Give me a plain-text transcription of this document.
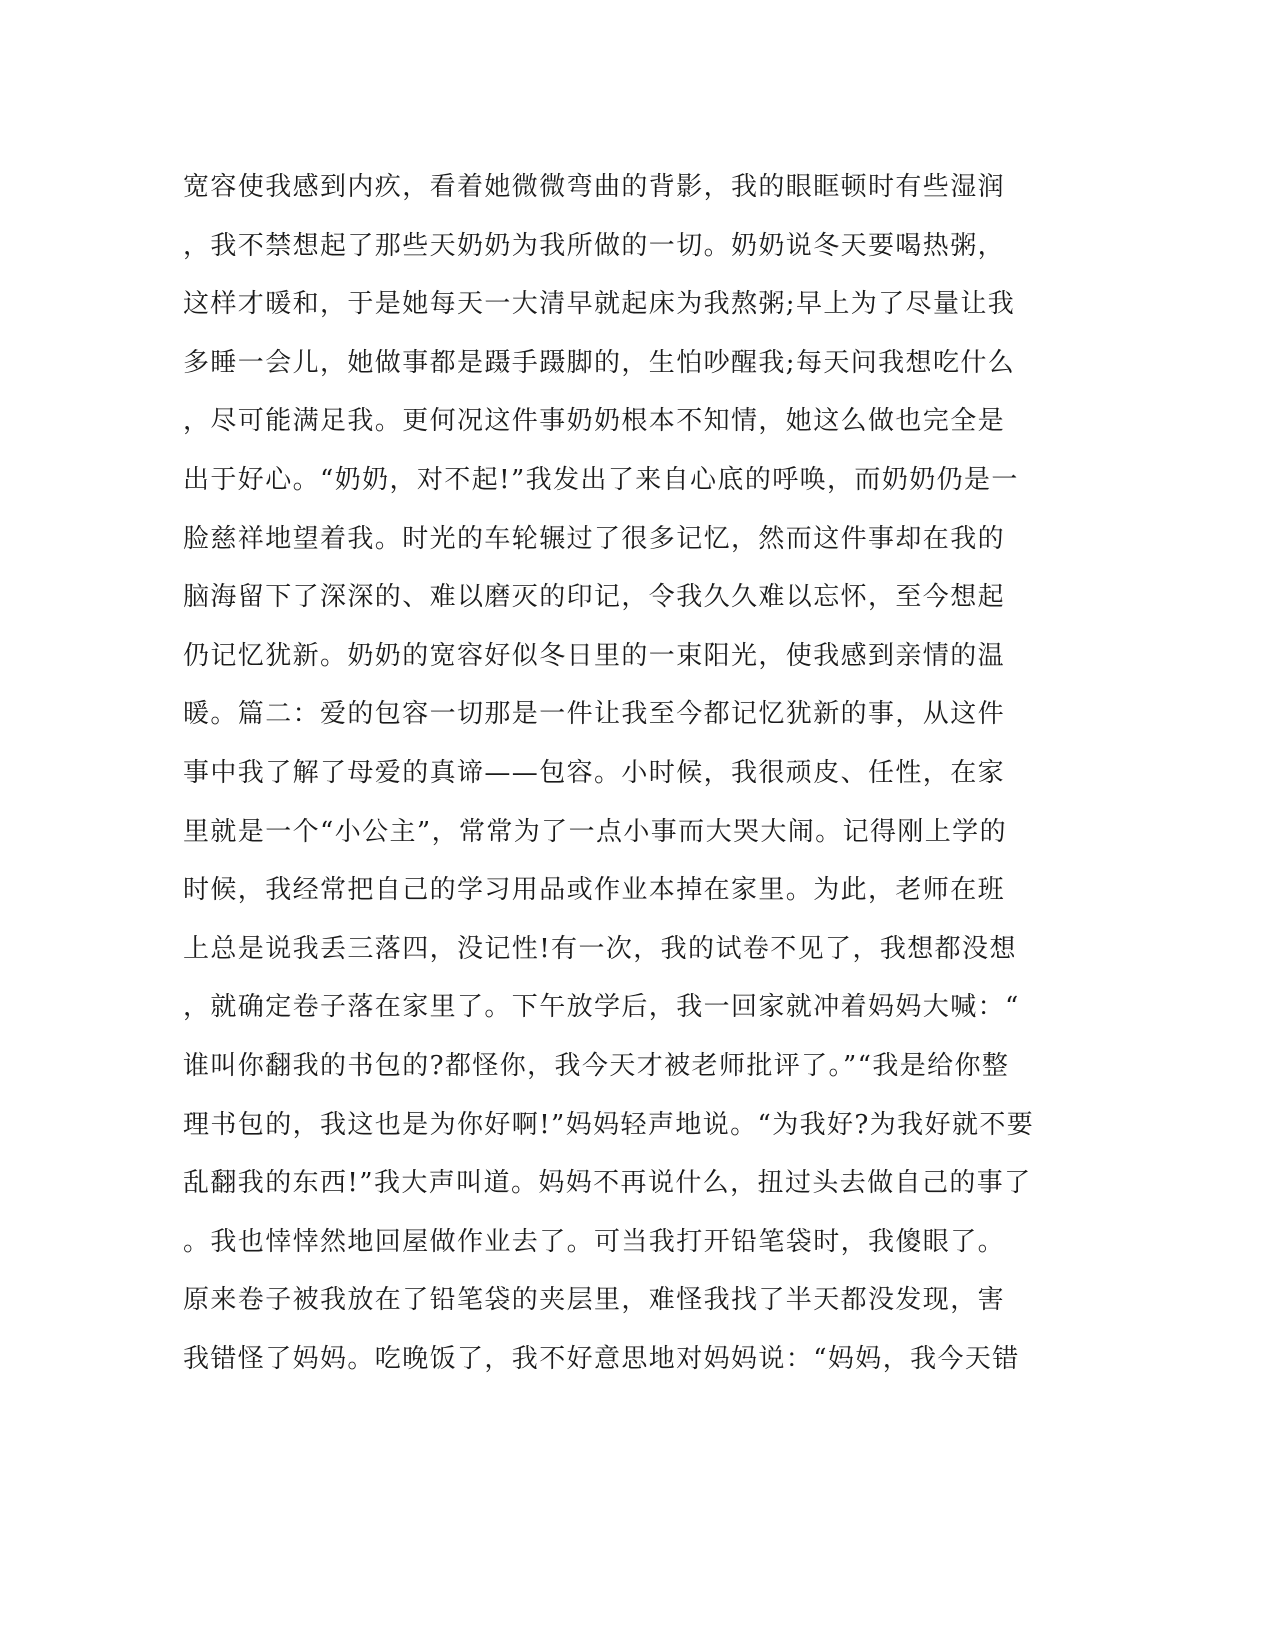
宽容使我感到内疚，看着她微微弯曲的背影，我的眼眶顿时有些湿润
，我不禁想起了那些天奶奶为我所做的一切。奶奶说冬天要喝热粥，
这样才暖和，于是她每天一大清早就起床为我熬粥;早上为了尽量让我
多睡一会儿，她做事都是蹑手蹑脚的，生怕吵醒我;每天问我想吃什么
，尽可能满足我。更何况这件事奶奶根本不知情，她这么做也完全是
出于好心。“奶奶，对不起!”我发出了来自心底的呼唤，而奶奶仍是一
脸慈祥地望着我。时光的车轮辗过了很多记忆，然而这件事却在我的
脑海留下了深深的、难以磨灭的印记，令我久久难以忘怀，至今想起
仍记忆犹新。奶奶的宽容好似冬日里的一束阳光，使我感到亲情的温
暖。篇二：爱的包容一切那是一件让我至今都记忆犹新的事，从这件
事中我了解了母爱的真谛——包容。小时候，我很顽皮、任性，在家
里就是一个“小公主”，常常为了一点小事而大哭大闹。记得刚上学的
时候，我经常把自己的学习用品或作业本掉在家里。为此，老师在班
上总是说我丢三落四，没记性!有一次，我的试卷不见了，我想都没想
，就确定卷子落在家里了。下午放学后，我一回家就冲着妈妈大喊：“
谁叫你翻我的书包的?都怪你，我今天才被老师批评了。”“我是给你整
理书包的，我这也是为你好啊!”妈妈轻声地说。“为我好?为我好就不要
乱翻我的东西!”我大声叫道。妈妈不再说什么，扭过头去做自己的事了
。我也悻悻然地回屋做作业去了。可当我打开铅笔袋时，我傻眼了。
原来卷子被我放在了铅笔袋的夹层里，难怪我找了半天都没发现，害
我错怪了妈妈。吃晚饭了，我不好意思地对妈妈说：“妈妈，我今天错
